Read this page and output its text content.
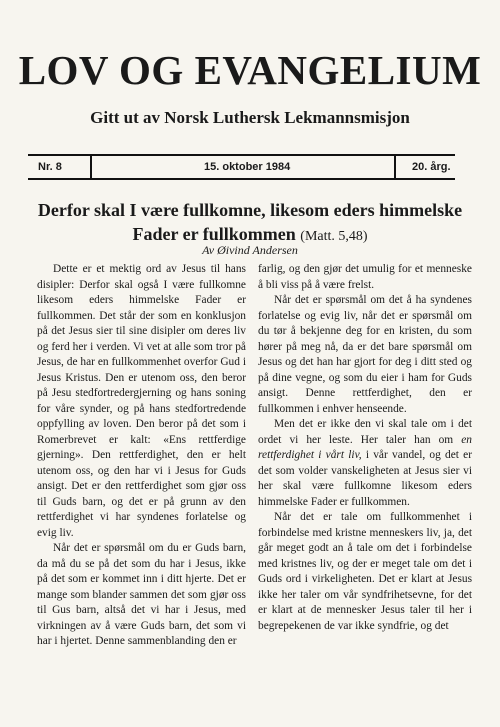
LOV OG EVANGELIUM
Gitt ut av Norsk Luthersk Lekmannsmisjon
Nr. 8	15. oktober 1984	20. årg.
Derfor skal I være fullkomne, likesom eders himmelske
Fader er fullkommen (Matt. 5,48)
Av Øivind Andersen

Dette er et mektig ord av Jesus til hans disipler: Derfor skal også I være fullkomne likesom eders himmelske Fader er fullkommen. Det står der som en konklusjon på det Jesus sier til sine disipler om deres liv og ferd her i verden. Vi vet at alle som tror på Jesus, de har en fullkommenhet overfor Gud i Jesus Kristus. Den er utenom oss, den beror på Jesu stedfortredergjerning og hans soning for våre synder, og på hans stedfortredende oppfylling av loven. Den beror på det som i Romerbrevet er kalt: «Ens rettferdige gjerning». Den rettferdighet, den er helt utenom oss, og den har vi i Jesus for Guds ansigt. Det er den rettferdighet som gjør oss til Guds barn, og det er på grunn av den rettferdighet vi har syndenes forlatelse og evig liv.

Når det er spørsmål om du er Guds barn, da må du se på det som du har i Jesus, ikke på det som er kommet inn i ditt hjerte. Det er mange som blander sammen det som gjør oss til Gus barn, altså det vi har i Jesus, med virkningen av å være Guds barn, det som vi har i hjertet. Denne sammenblanding den er

farlig, og den gjør det umulig for et menneske å bli viss på å være frelst.

Når det er spørsmål om det å ha syndenes forlatelse og evig liv, når det er spørsmål om du tør å bekjenne deg for en kristen, du som hører på meg nå, da er det bare spørsmål om Jesus og det han har gjort for deg i ditt sted og på dine vegne, og som du eier i ham for Guds ansigt. Denne rettferdighet, den er fullkommen i enhver henseende.

Men det er ikke den vi skal tale om i det ordet vi her leste. Her taler han om en rettferdighet i vårt liv, i vår vandel, og det er det som volder vanskeligheten at Jesus sier vi her skal være fullkomne likesom eders himmelske Fader er fullkommen.

Når det er tale om fullkommenhet i forbindelse med kristne menneskers liv, ja, det går meget godt an å tale om det i forbindelse med kristnes liv, og der er meget tale om det i Guds ord i virkeligheten. Det er klart at Jesus ikke her taler om vår syndfrihetsevne, for det er klart at de mennesker Jesus taler til her i begrepekenen de var ikke syndfrie, og det
